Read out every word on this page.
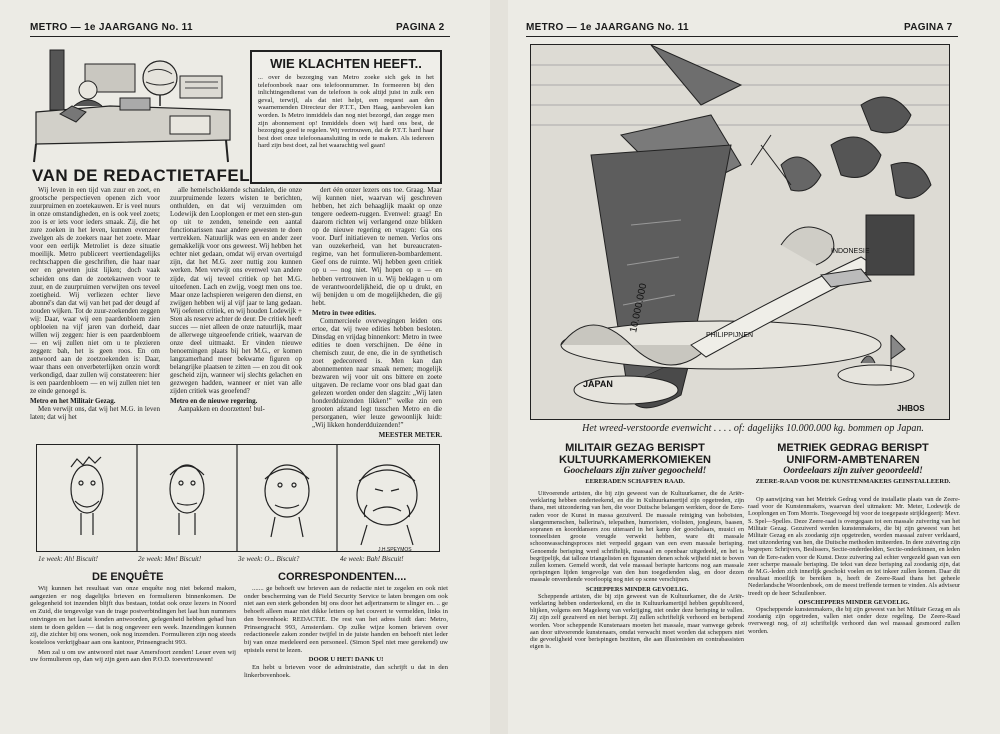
METRO — 1e JAARGANG No. 11	PAGINA 2
VAN DE REDACTIETAFEL
WIE KLACHTEN HEEFT..
... over de bezorging van Metro zoeke sich gek in het telefoonboek naar ons telefoonnummer. In formeeren bij den inlichtingendienst van de telefoon is ook altijd juist in zulk een geval, terwijl, als dat niet helpt, een request aan den waarnemenden Directeur der P.T.T., Den Haag, aanbevolen kan worden. Is Metro inmiddels dan nog niet bezorgd, dan zegge men zijn abonnement op! Inmiddels doen wij hard ons best, de bezorging goed te regelen. Wij vertrouwen, dat de P.T.T. hard haar best doet onze telefoonaansluiting in orde te maken. Als iedereen hard zijn best doet, zal het waarachtig wel gaan!

Wij leven in een tijd van zuur en zoet, en grootsche perspectieven openen zich voor zuurpruimen en zoetekauwen. Er is veel nuurs in onze omstandigheden, en is ook veel zoets; zoo is er iets voor ieders smaak. Zij, die het zure zoeken in het leven, kunnen evenzeer zwelgen als de zoekers naar het zoete. Maar voor een eerlijk Metroliet is deze situatie moeilijk. Metro publiceert veertiendagelijks rechtschappen die geschriften, die haar naar eer en geweten juist lijken; doch vaak scheiden ons dan de zoetekauwen voor te zuur, en de zuurpruimen verwijten ons teveel zoetigheid. Wij verliezen echter lieve abonné's dan dat wij van het pad der deugd af zouden wijken. Tot de zuur-zoekenden zeggen wij: Daar, waar wij een paardenbloem zien opbloeien na vijf jaren van dorheid, daar willen wij zeggen: hier is een paardenbloem — en wij zullen niet om u te plezieren zeggen: bah, het is geen roos. En om antwoord aan de zoetzoekenden is: Daar, waar thans een onverbeterlijken onzin wordt verkondigd, daar zullen wij constateeren: hier is een paardenbloem — en wij zullen niet ten ze einde genoegd is.

Metro en het Militair Gezag.

Men verwijt ons, dat wij het M.G. in leven laten; dat wij het

alle hemelschokkende schandalen, die onze zuurpruimende lezers wisten te berichten, onthulden, en dat wij verzuimden om Lodewijk den Looplongen er met een sten-gun op uit te zenden, teneinde een aantal functionarissen naar andere gewesten te doen vertrekken. Natuurlijk was een en ander zeer gemakkelijk voor ons geweest. Wij hebben het echter niet gedaan, omdat wij ervan overtuigd zijn, dat het M.G. zeer nuttig zou kunnen werken. Men verwijt ons evenwel van andere zijde, dat wij teveel critiek op het M.G. uitoefenen. Lach en zwijg, voegt men ons toe. Maar onze lachspieren weigeren den dienst, en zwijgen hebben wij al vijf jaar te lang gedaan. Wij oefenen critiek, en wij houden Lodewijk + Sten als reserve achter de deur. De critiek heeft succes — niet alleen de onze natuurlijk, maar de allerwege uitgeoefende critiek, waarvan de onze deel uitmaakt. Er vinden nieuwe benoemingen plaats bij het M.G., er komen langzamerhand meer bekwame figuren op belangrijke plaatsen te zitten — en zou dit ook gescheid zijn, wanneer wij slechts gelachen en gezwegen hadden, wanneer er niet van alle zijden critiek was geoefend?

Metro en de nieuwe regering.

Aanpakken en doorzetten! bul-

dert één onzer lezers ons toe. Graag. Maar wij kunnen niet, waarvan wij geschreven hebben, het zich behaaglijk maakt op onze tengere oedeem-ruggen. Evenwel: graag! En daarom richten wij verlangend onze blikken op de nieuwe regering en vragen: Ga ons voor. Durf initiatieven te nemen. Verlos ons van ouzekerheid, van het bureaucraten-regime, van het formulieren-bombardement. Geef ons de ruimte. Wij hebben geen critiek op u — nog niet. Wij hopen op u — en hebben vertrouwen in u. Wij beklagen u om de verantwoordelijkheid, die op u drukt, en wij benijden u om de mogelijkheden, die gij hebt.

Metro in twee edities.

Commercieele overwegingen leiden ons ertoe, dat wij twee edities hebben besloten. Dinsdag en vrijdag binnenkort: Metro in twee edities te doen verschijnen. De ééne in chemisch zuur, de ene, die in de synthetisch zoet gedecoreerd is. Men kan dan abonnementen naar smaak nemen; mogelijk bezwaren wij voor uit ons bittere en zoete uitgaven. De reclame voor ons blad gaat dan gelezen worden onder den slagzin: „Wij laten honderdduizenden likken!” welke zin een grooten afstand legt tusschen Metro en die persorganen, wier leuze gewoonlijk luidt: „Wij likken honderdduizenden!”

MEESTER METER.
1e week: Ah! Biscuit!	2e week: Mm! Biscuit!	3e week: O... Biscuit?	4e week: Bah! Biscuit!
J.H.SPEYMOS
DE ENQUÊTE

Wij kunnen het resultaat van onze enquête nog niet bekend maken, aangezien er nog dagelijks brieven en formulieren binnenkomen. De gelegenheid tot inzenden blijft dus bestaan, totdat ook onze lezers in Noord en Zuid, die tengevolge van de trage postverbindingen het laat hun nummers ontvingen en het laatst konden antwoorden, gelegenheid hebben gehad hun stem te doen gelden — dat is nog ongeveer een week. Inzendingen kunnen zij, die zichter bij ons wonen, ook nog inzenden. Formulieren zijn nog steeds kosteloos verkrijgbaar aan ons kantoor, Prinsengracht 993.

Men zal u om uw antwoord niet naar Amersfoort zenden! Leuer even wij uw formulieren op, dan wij zijn geen aan den P.O.D. toevertrouwen!

CORRESPONDENTEN....

....... ge behoeft uw brieven aan de redactie niet te zegelen en ook niet onder bescherming van de Field Security Service te laten brengen om ook niet aan een sterk gebonden bij ons door het adjertransrm te slinger en. .. ge behoeft alleen maar niet dikke letters op het couvert te vermelden, links in den bovenhoek: REDACTIE. De rest van het adres luidt dan: Metro, Prinsengracht 993, Amsterdam. Op zulke wijze komen brieven over redactioneele zaken zonder twijfel in de juiste handen en behoeft niet leder bij van onze medeleerd een personeel. (Simon Spel niet mee gerekend) uw epistels eerst te lezen.

DOOR U HET! DANK U!

En hebt u brieven voor de administratie, dan schrijft u dat in den linkerbovenhoek.

METRO — 1e JAARGANG No. 11	PAGINA 7
10.000.000
JAPAN
PHILIPPIJNEN
INDONESIE
JHBOS
Het wreed-verstoorde evenwicht . . . . of: dagelijks 10.000.000 kg. bommen op Japan.
MILITAIR GEZAG BERISPT
KULTUURKAMERKOMIEKEN
Goochelaars zijn zuiver gegoocheld!
EERERADEN SCHAFFEN RAAD.

Uitvoerende artisten, die bij zijn geweest van de Kultuurkamer, die de Ariër-verklaring hebben onderteekend, en die in Kultuurkamertijd zijn opgetreden, zijn thans, met uitzondering van hen, die voor Duitsche belangen werkten, door de Eere-raden voor de Kunst in massa gezuiverd. De massale reiniging van hoboïsten, slangenmenschen, ballerina's, telepathen, humoristen, violisten, jongleurs, baasen, sopranen en koorddansers zou uiteraard in het kamp der goochelaars, musici en tooneelisten groote vreugde verwekt hebben, ware dit massale schoonwasschingsproces niet verpeeld gegaan van een even massale berisping. Genoemde berisping werd schriftelijk, massaal en openbaar uitgedeeld, en het is begrijpelijk, dat talloze triangelisten en figuranten denen schok wijheid niet te boven zullen komen. Gemeld wordt, dat vele massaal berispte hartcons nog aan massale oprispingen lijden tengevolge van den hun toegedienden slag, en door dezen massale onverdiende voorloopig nog niet op scene verschijnen.

SCHEPPERS MINDER GEVOELIG.

Scheppende artisten, die bij zijn geweest van de Kultuurkamer, die de Ariër-verklaring hebben onderteekend, en die in Kultuurkamertijd hebben gepubliceerd, blijken, volgens een Mageleerg van verkrijging, niet onder deze berisping te vallen. Zij zijn zelf gezuiverd en niet berispt. Zij zullen schriftelijk verhoord en berispend worden. Voor scheppende Kunstenaars moeten het massale, maar vanwege gebrek aan door uitvoerende kunstenaars, omdat verwacht moet worden dat scheppers niet die gevoeligheid voor berispingen bezitten, die aan illusionisten en contrabassisten eigen is.

METRIEK GEDRAG BERISPT
UNIFORM-AMBTENAREN
Oordeelaars zijn zuiver geoordeeld!
ZEERE-RAAD VOOR DE KUNSTENMAKERS GEINSTALLEERD.

Op aanwijzing van het Metriek Gedrag vond de installatie plaats van de Zeere-raad voor de Kunstenmakers, waarvan deel uitmaken: Mr. Meter, Lodewijk de Looplongen en Tom Morris. Toegevoegd bij voor de toegepaste strijklegeerij: Mevr. S. Spel—Spelles. Deze Zeere-raad is overgegaan tot een massale zuivering van het Militair Gezag. Gezuiverd werden kunstenmakers, die bij zijn geweest van het Militair Gezag en als zoodanig zijn opgetreden, worden massaal zuiver verklaard, met uitzondering van hen, die Duitsche methoden imiteerden. In dere zuivering zijn begrepen: Schrijvers, Beslissers, Sectie-onderdeelden, Sectie-onderkinnen, en leden van de Eere-raden voor de Kunst. Deze zuivering zal echter vergezeld gaan van een zeer scherpe massale berisping. De tekst van deze berisping zal zoodanig zijn, dat de M.G.-leden zich innerlijk geschokt voelen en tot inkeer zullen komen. Daar dit resultaat moeilijk te bereiken is, heeft de Zeere-Raad thans het geheele Nederlandsche Woordenboek, om de meest treffende termen te vinden. Als adviseur treedt op de heer Schuilenboer.

OPSCHEPPERS MINDER GEVOELIG.

Opscheppende kunstenmakers, die bij zijn geweest van het Militair Gezag en als zoodanig zijn opgetreden, vallen niet onder deze regeling. De Zeere-Raad overweegt nog, of zij schriftelijk verhoord dan wel massaal gesmoord zullen worden.
